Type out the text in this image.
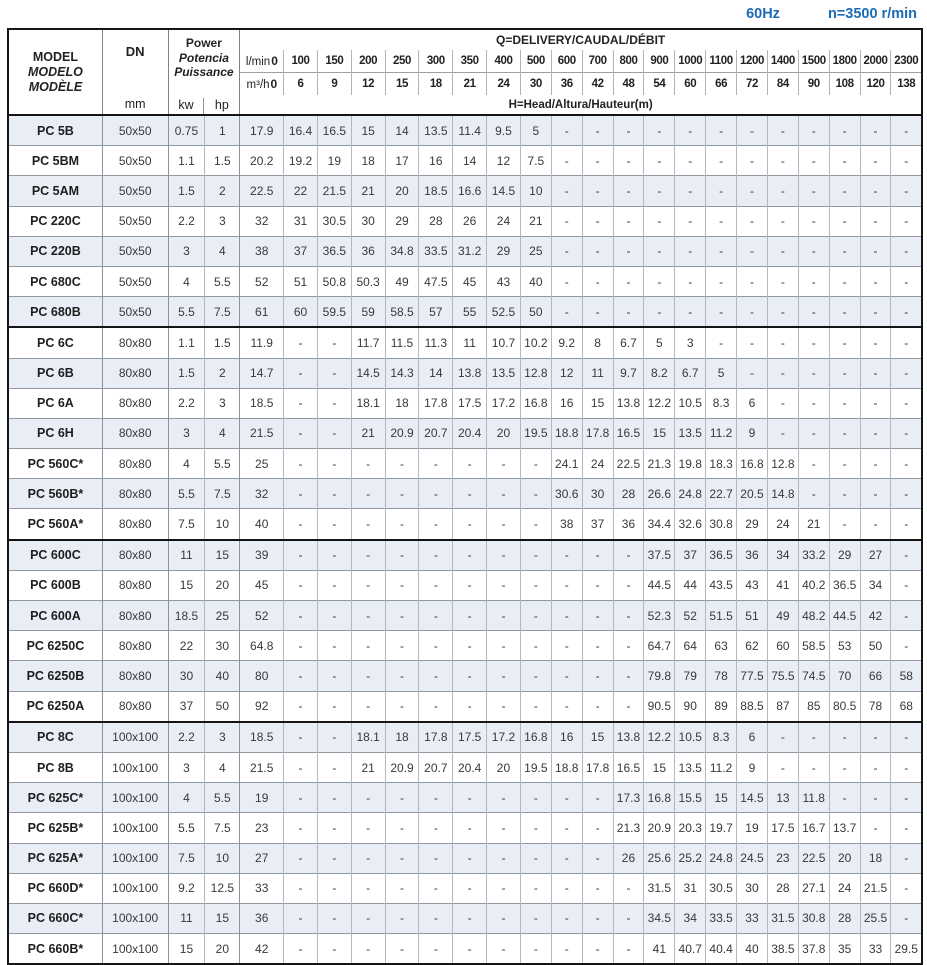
60Hz	n=3500 r/min
MODEL
MODELO
MODÈLE

DN
mm

Power
Potencia
Puissance
kw	hp
	Q=DELIVERY/CAUDAL/DÉBIT
				l/min0	100	150	200	250	300	350	400	500	600	700	800	900	1000	1100	1200	1400	1500	1800	2000	2300
				m³/h0	6	9	12	15	18	21	24	30	36	42	48	54	60	66	72	84	90	108	120	138
				H=Head/Altura/Hauteur(m)																				
PC 5B	50x50	0.75	1	17.9	16.4	16.5	15	14	13.5	11.4	9.5	5	-	-	-	-	-	-	-	-	-	-	-	-
PC 5BM	50x50	1.1	1.5	20.2	19.2	19	18	17	16	14	12	7.5	-	-	-	-	-	-	-	-	-	-	-	-
PC 5AM	50x50	1.5	2	22.5	22	21.5	21	20	18.5	16.6	14.5	10	-	-	-	-	-	-	-	-	-	-	-	-
PC 220C	50x50	2.2	3	32	31	30.5	30	29	28	26	24	21	-	-	-	-	-	-	-	-	-	-	-	-
PC 220B	50x50	3	4	38	37	36.5	36	34.8	33.5	31.2	29	25	-	-	-	-	-	-	-	-	-	-	-	-
PC 680C	50x50	4	5.5	52	51	50.8	50.3	49	47.5	45	43	40	-	-	-	-	-	-	-	-	-	-	-	-
PC 680B	50x50	5.5	7.5	61	60	59.5	59	58.5	57	55	52.5	50	-	-	-	-	-	-	-	-	-	-	-	-
PC 6C	80x80	1.1	1.5	11.9	-	-	11.7	11.5	11.3	11	10.7	10.2	9.2	8	6.7	5	3	-	-	-	-	-	-	-
PC 6B	80x80	1.5	2	14.7	-	-	14.5	14.3	14	13.8	13.5	12.8	12	11	9.7	8.2	6.7	5	-	-	-	-	-	-
PC 6A	80x80	2.2	3	18.5	-	-	18.1	18	17.8	17.5	17.2	16.8	16	15	13.8	12.2	10.5	8.3	6	-	-	-	-	-
PC 6H	80x80	3	4	21.5	-	-	21	20.9	20.7	20.4	20	19.5	18.8	17.8	16.5	15	13.5	11.2	9	-	-	-	-	-
PC 560C*	80x80	4	5.5	25	-	-	-	-	-	-	-	-	24.1	24	22.5	21.3	19.8	18.3	16.8	12.8	-	-	-	-
PC 560B*	80x80	5.5	7.5	32	-	-	-	-	-	-	-	-	30.6	30	28	26.6	24.8	22.7	20.5	14.8	-	-	-	-
PC 560A*	80x80	7.5	10	40	-	-	-	-	-	-	-	-	38	37	36	34.4	32.6	30.8	29	24	21	-	-	-
PC 600C	80x80	11	15	39	-	-	-	-	-	-	-	-	-	-	-	37.5	37	36.5	36	34	33.2	29	27	-
PC 600B	80x80	15	20	45	-	-	-	-	-	-	-	-	-	-	-	44.5	44	43.5	43	41	40.2	36.5	34	-
PC 600A	80x80	18.5	25	52	-	-	-	-	-	-	-	-	-	-	-	52.3	52	51.5	51	49	48.2	44.5	42	-
PC 6250C	80x80	22	30	64.8	-	-	-	-	-	-	-	-	-	-	-	64.7	64	63	62	60	58.5	53	50	-
PC 6250B	80x80	30	40	80	-	-	-	-	-	-	-	-	-	-	-	79.8	79	78	77.5	75.5	74.5	70	66	58
PC 6250A	80x80	37	50	92	-	-	-	-	-	-	-	-	-	-	-	90.5	90	89	88.5	87	85	80.5	78	68
PC 8C	100x100	2.2	3	18.5	-	-	18.1	18	17.8	17.5	17.2	16.8	16	15	13.8	12.2	10.5	8.3	6	-	-	-	-	-
PC 8B	100x100	3	4	21.5	-	-	21	20.9	20.7	20.4	20	19.5	18.8	17.8	16.5	15	13.5	11.2	9	-	-	-	-	-
PC 625C*	100x100	4	5.5	19	-	-	-	-	-	-	-	-	-	-	17.3	16.8	15.5	15	14.5	13	11.8	-	-	-
PC 625B*	100x100	5.5	7.5	23	-	-	-	-	-	-	-	-	-	-	21.3	20.9	20.3	19.7	19	17.5	16.7	13.7	-	-
PC 625A*	100x100	7.5	10	27	-	-	-	-	-	-	-	-	-	-	26	25.6	25.2	24.8	24.5	23	22.5	20	18	-
PC 660D*	100x100	9.2	12.5	33	-	-	-	-	-	-	-	-	-	-	-	31.5	31	30.5	30	28	27.1	24	21.5	-
PC 660C*	100x100	11	15	36	-	-	-	-	-	-	-	-	-	-	-	34.5	34	33.5	33	31.5	30.8	28	25.5	-
PC 660B*	100x100	15	20	42	-	-	-	-	-	-	-	-	-	-	-	41	40.7	40.4	40	38.5	37.8	35	33	29.5
